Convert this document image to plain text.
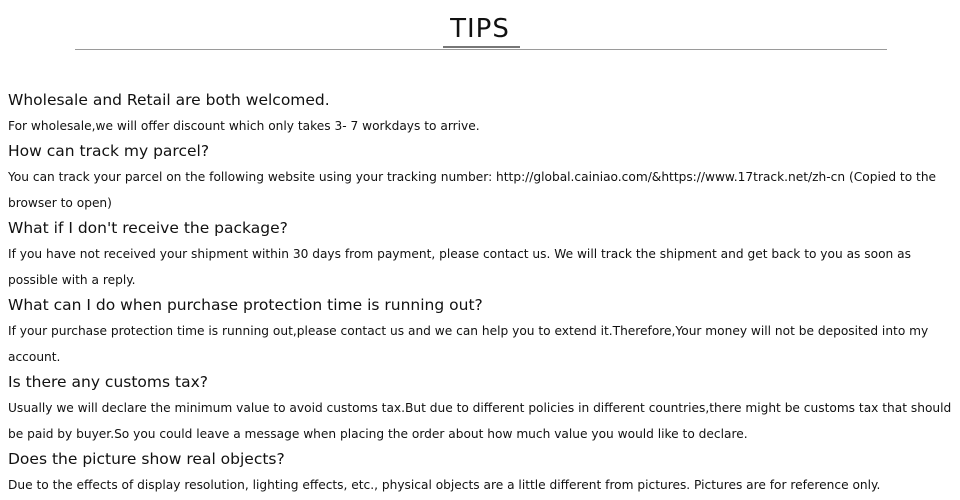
TIPS

Wholesale and Retail are both welcomed.

For wholesale,we will offer discount which only takes 3- 7 workdays to arrive.

How can track my parcel?

You can track your parcel on the following website using your tracking number: http://global.cainiao.com/&https://www.17track.net/zh-cn (Copied to the browser to open)

What if I don't receive the package?

If you have not received your shipment within 30 days from payment, please contact us. We will track the shipment and get back to you as soon as possible with a reply.

What can I do when purchase protection time is running out?

If your purchase protection time is running out,please contact us and we can help you to extend it.Therefore,Your money will not be deposited into my account.

Is there any customs tax?

Usually we will declare the minimum value to avoid customs tax.But due to different policies in different countries,there might be customs tax that should be paid by buyer.So you could leave a message when placing the order about how much value you would like to declare.

Does the picture show real objects?

Due to the effects of display resolution, lighting effects, etc., physical objects are a little different from pictures. Pictures are for reference only.
